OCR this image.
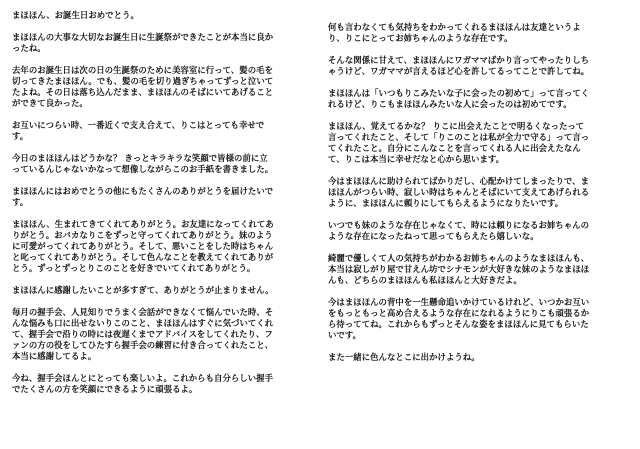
まほほん、お誕生日おめでとう。

まほほんの大事な大切なお誕生日に生誕祭ができたことが本当に良か
ったね。

去年のお誕生日は次の日の生誕祭のために美容室に行って、髪の毛を
切ってきたまほほん。でも、髪の毛を切り過ぎちゃってずっと泣いて
たよね。その日は落ち込んだまま、まほほんのそばにいてあげること
ができて良かった。

お互いにつらい時、一番近くで支え合えて、りこはとっても幸せで
す。

今日のまほほんはどうかな？ きっとキラキラな笑顔で皆様の前に立
っているんじゃないかなって想像しながらこのお手紙を書きました。

まほほんにはおめでとうの他にもたくさんのありがとうを届けたいで
す。

まほほん、生まれてきてくれてありがとう。お友達になってくれてあ
りがとう。おバカなりこをずっと守ってくれてありがとう。妹のよう
に可愛がってくれてありがとう。そして、悪いことをした時はちゃん
と叱ってくれてありがとう。そして色んなことを教えてくれてありが
とう。ずっとずっとりこのことを好きでいてくれてありがとう。

まほほんに感謝したいことが多すぎて、ありがとうが止まりません。

毎月の握手会、人見知りでうまく会話ができなくて悩んでいた時、そ
んな悩みも口に出せないりこのこと、まほほんはすぐに気づいてくれ
て、握手会で沿りの時には夜遅くまでアドバイスをしてくれたり、フ
ァンの方の役をしてひたすら握手会の練習に付き合ってくれたこと、
本当に感謝してるよ。

今ね、握手会ほんとにとっても楽しいよ。これからも自分らしい握手
でたくさんの方を笑顔にできるように頑張るよ。

何も言わなくても気持ちをわかってくれるまほほんは友達というよ
り、りこにとってお姉ちゃんのような存在です。

そんな関係に甘えて、まほほんにワガママばかり言ってやったりしち
ゃうけど、ワガママが言えるほど心を許してるってことで許してね。

まほほんは「いつもりこみたいな子に会ったの初めて」って言ってく
れるけど、りこもまほほんみたいな人に会ったのは初めてです。

まほほん、覚えてるかな？ りこに出会えたことで明るくなったって
言ってくれたこと、そして「りこのことは私が全力で守る」って言っ
てくれたこと。自分にこんなことを言ってくれる人に出会えたなん
て、りこは本当に幸せだなと心から思います。

今はまほほんに助けられてばかりだし、心配かけてしまったりで、ま
ほほんがつらい時、寂しい時はちゃんとそばにいて支えてあげられる
ように、まほほんに頼りにしてもらえるようになりたいです。

いつでも妹のような存在じゃなくて、時には頼りになるお姉ちゃんの
ような存在になったねって思ってもらえたら嬉しいな。

綺麗で優しくて人の気持ちがわかるお姉ちゃんのようなまほほんも、
本当は寂しがり屋で甘えん坊でシナモンが大好きな妹のようなまほほ
んも、どちらのまほほんも私ほほんと大好きだよ。

今はまほほんの背中を一生懸命追いかけているけれど、いつかお互い
をもっともっと高め合えるような存在になれるようにりこも頑張るか
ら待っててね。これからもずっとそんな姿をまほほんに見てもらいた
いです。

また一緒に色んなとこに出かけようね。
